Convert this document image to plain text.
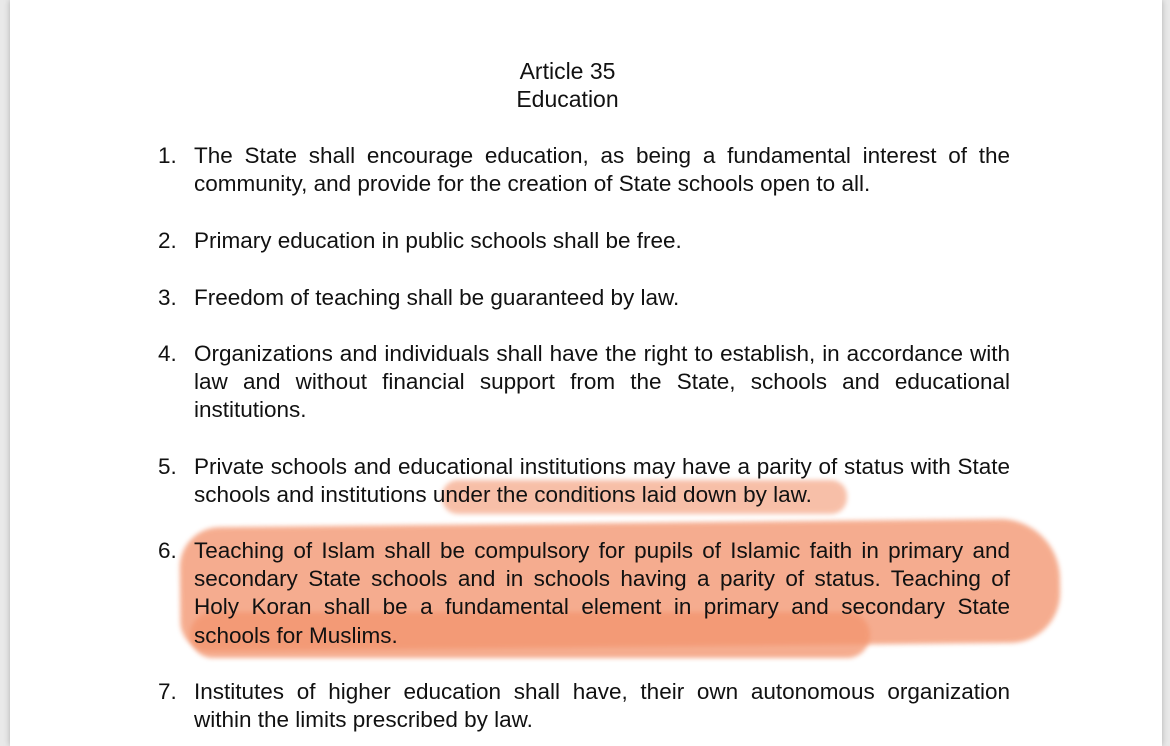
Article 35
Education
1. The State shall encourage education, as being a fundamental interest of the community, and provide for the creation of State schools open to all.
2. Primary education in public schools shall be free.
3. Freedom of teaching shall be guaranteed by law.
4. Organizations and individuals shall have the right to establish, in accordance with law and without financial support from the State, schools and educational institutions.
5. Private schools and educational institutions may have a parity of status with State schools and institutions under the conditions laid down by law.
6. Teaching of Islam shall be compulsory for pupils of Islamic faith in primary and secondary State schools and in schools having a parity of status. Teaching of Holy Koran shall be a fundamental element in primary and secondary State schools for Muslims.
7. Institutes of higher education shall have, their own autonomous organization within the limits prescribed by law.
